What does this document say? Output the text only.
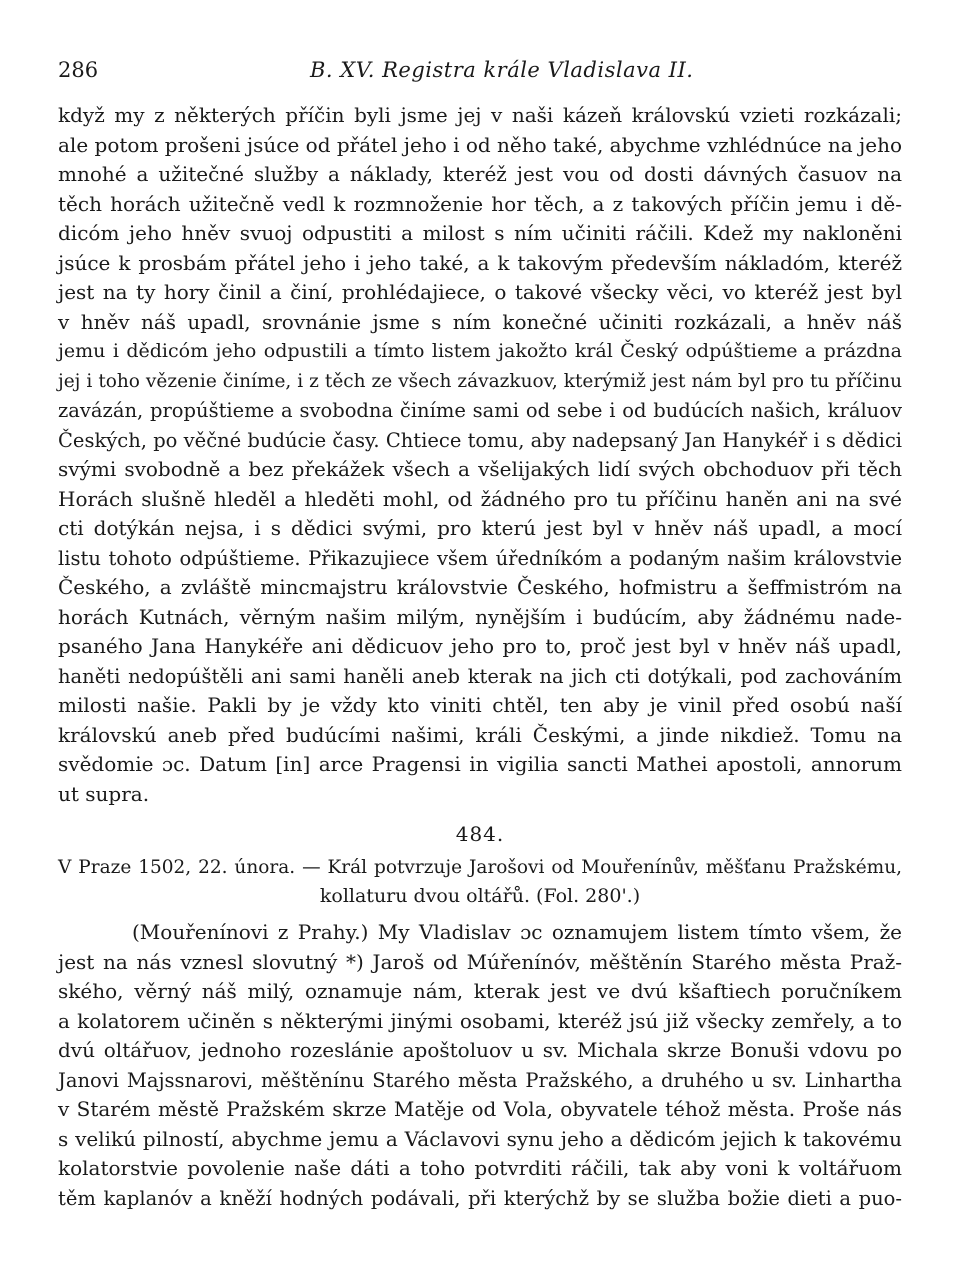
286	B. XV. Registra krále Vladislava II.
když my z některých příčin byli jsme jej v naši kázeň královskú vzieti rozkázali;
ale potom prošeni jsúce od přátel jeho i od něho také, abychme vzhlédnúce na jeho
mnohé a užitečné služby a náklady, kteréž jest vou od dosti dávných časuov na
těch horách užitečně vedl k rozmnoženie hor těch, a z takových příčin jemu i dě-
dicóm jeho hněv svuoj odpustiti a milost s ním učiniti ráčili. Kdež my nakloněni
jsúce k prosbám přátel jeho i jeho také, a k takovým především nákladóm, kteréž
jest na ty hory činil a činí, prohlédajiece, o takové všecky věci, vo kteréž jest byl
v hněv náš upadl, srovnánie jsme s ním konečné učiniti rozkázali, a hněv náš
jemu i dědicóm jeho odpustili a tímto listem jakožto král Český odpúštieme a prázdna
jej i toho vězenie činíme, i z těch ze všech závazkuov, kterýmiž jest nám byl pro tu příčinu
zavázán, propúštieme a svobodna činíme sami od sebe i od budúcích našich, králuov
Českých, po věčné budúcie časy. Chtiece tomu, aby nadepsaný Jan Hanykéř i s dědici
svými svobodně a bez překážek všech a všelijakých lidí svých obchoduov při těch
Horách slušně hleděl a hleděti mohl, od žádného pro tu příčinu haněn ani na své
cti dotýkán nejsa, i s dědici svými, pro kterú jest byl v hněv náš upadl, a mocí
listu tohoto odpúštieme. Přikazujiece všem úředníkóm a podaným našim královstvie
Českého, a zvláště mincmajstru královstvie Českého, hofmistru a šeffmistróm na
horách Kutnách, věrným našim milým, nynějším i budúcím, aby žádnému nade-
psaného Jana Hanykéře ani dědicuov jeho pro to, proč jest byl v hněv náš upadl,
haněti nedopúštěli ani sami haněli aneb kterak na jich cti dotýkali, pod zachováním
milosti našie. Pakli by je vždy kto viniti chtěl, ten aby je vinil před osobú naší
královskú aneb před budúcími našimi, králi Českými, a jinde nikdiež. Tomu na
svědomie ɔc. Datum [in] arce Pragensi in vigilia sancti Mathei apostoli, annorum
ut supra.
484.
V Praze 1502, 22. února. — Král potvrzuje Jarošovi od Mouřenínův, měšťanu Pražskému,
kollaturu dvou oltářů. (Fol. 280'.)
(Mouřenínovi z Prahy.) My Vladislav ɔc oznamujem listem tímto všem, že
jest na nás vznesl slovutný *) Jaroš od Múřenínóv, měštěnín Starého města Praž-
ského, věrný náš milý, oznamuje nám, kterak jest ve dvú kšaftiech poručníkem
a kolatorem učiněn s některými jinými osobami, kteréž jsú již všecky zemřely, a to
dvú oltářuov, jednoho rozeslánie apoštoluov u sv. Michala skrze Bonuši vdovu po
Janovi Majssnarovi, měštěnínu Starého města Pražského, a druhého u sv. Linhartha
v Starém městě Pražském skrze Matěje od Vola, obyvatele téhož města. Proše nás
s velikú pilností, abychme jemu a Václavovi synu jeho a dědicóm jejich k takovému
kolatorstvie povolenie naše dáti a toho potvrditi ráčili, tak aby voni k voltářuom
těm kaplanóv a kněží hodných podávali, při kterýchž by se služba božie dieti a puo-
